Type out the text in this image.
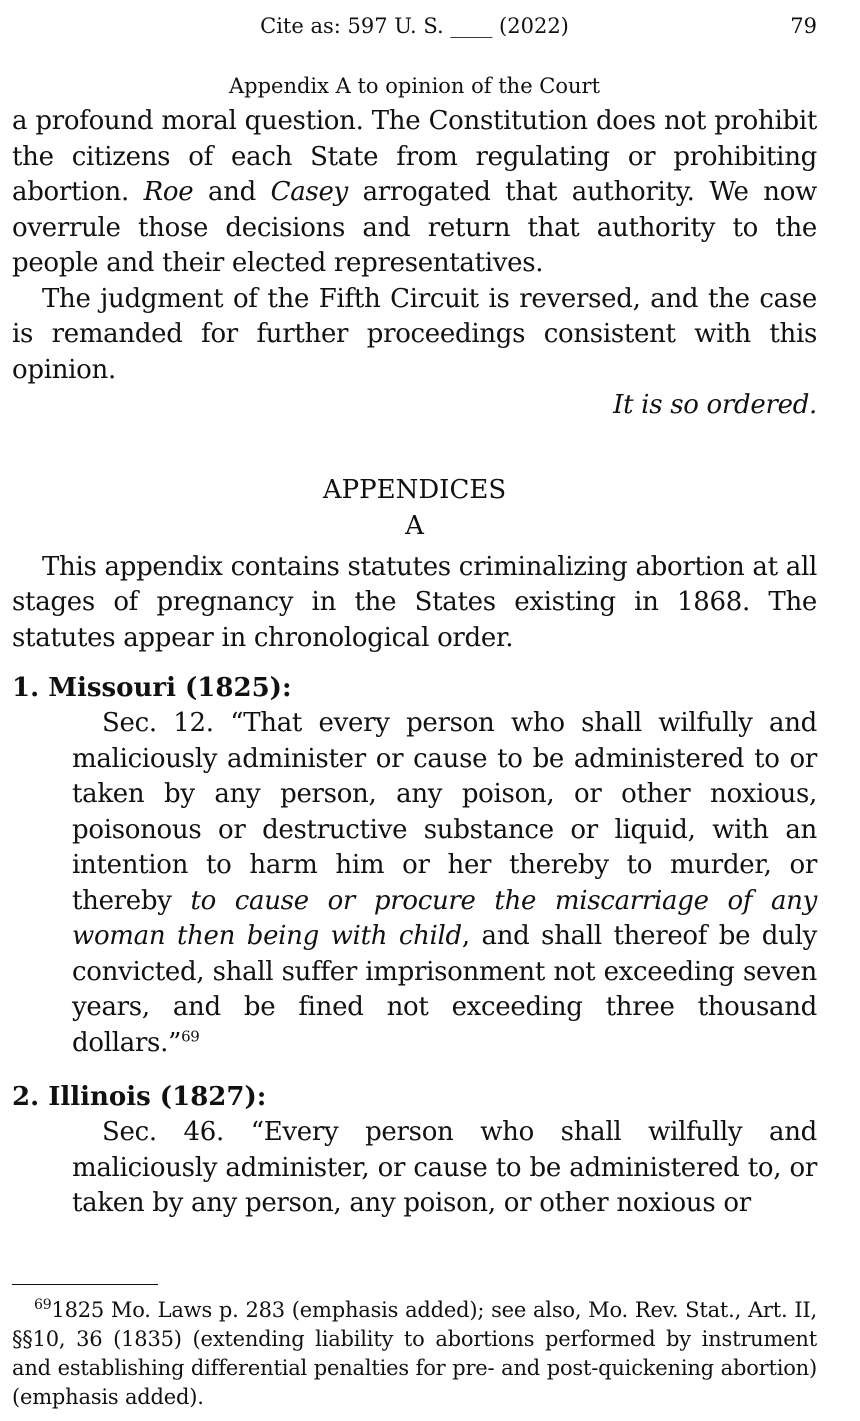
Cite as: 597 U. S. ____ (2022)	79
Appendix A to opinion of the Court

a profound moral question. The Constitution does not prohibit the citizens of each State from regulating or prohibiting abortion. Roe and Casey arrogated that authority. We now overrule those decisions and return that authority to the people and their elected representatives.

The judgment of the Fifth Circuit is reversed, and the case is remanded for further proceedings consistent with this opinion.

It is so ordered.

APPENDICES
A

This appendix contains statutes criminalizing abortion at all stages of pregnancy in the States existing in 1868. The statutes appear in chronological order.

1. Missouri (1825):

Sec. 12. “That every person who shall wilfully and maliciously administer or cause to be administered to or taken by any person, any poison, or other noxious, poisonous or destructive substance or liquid, with an intention to harm him or her thereby to murder, or thereby to cause or procure the miscarriage of any woman then being with child, and shall thereof be duly convicted, shall suffer imprisonment not exceeding seven years, and be fined not exceeding three thousand dollars.”$^{69}$

2. Illinois (1827):

Sec. 46. “Every person who shall wilfully and maliciously administer, or cause to be administered to, or taken by any person, any poison, or other noxious or

$^{69}$1825 Mo. Laws p. 283 (emphasis added); see also, Mo. Rev. Stat., Art. II, §§10, 36 (1835) (extending liability to abortions performed by instrument and establishing differential penalties for pre- and post-quickening abortion) (emphasis added).
